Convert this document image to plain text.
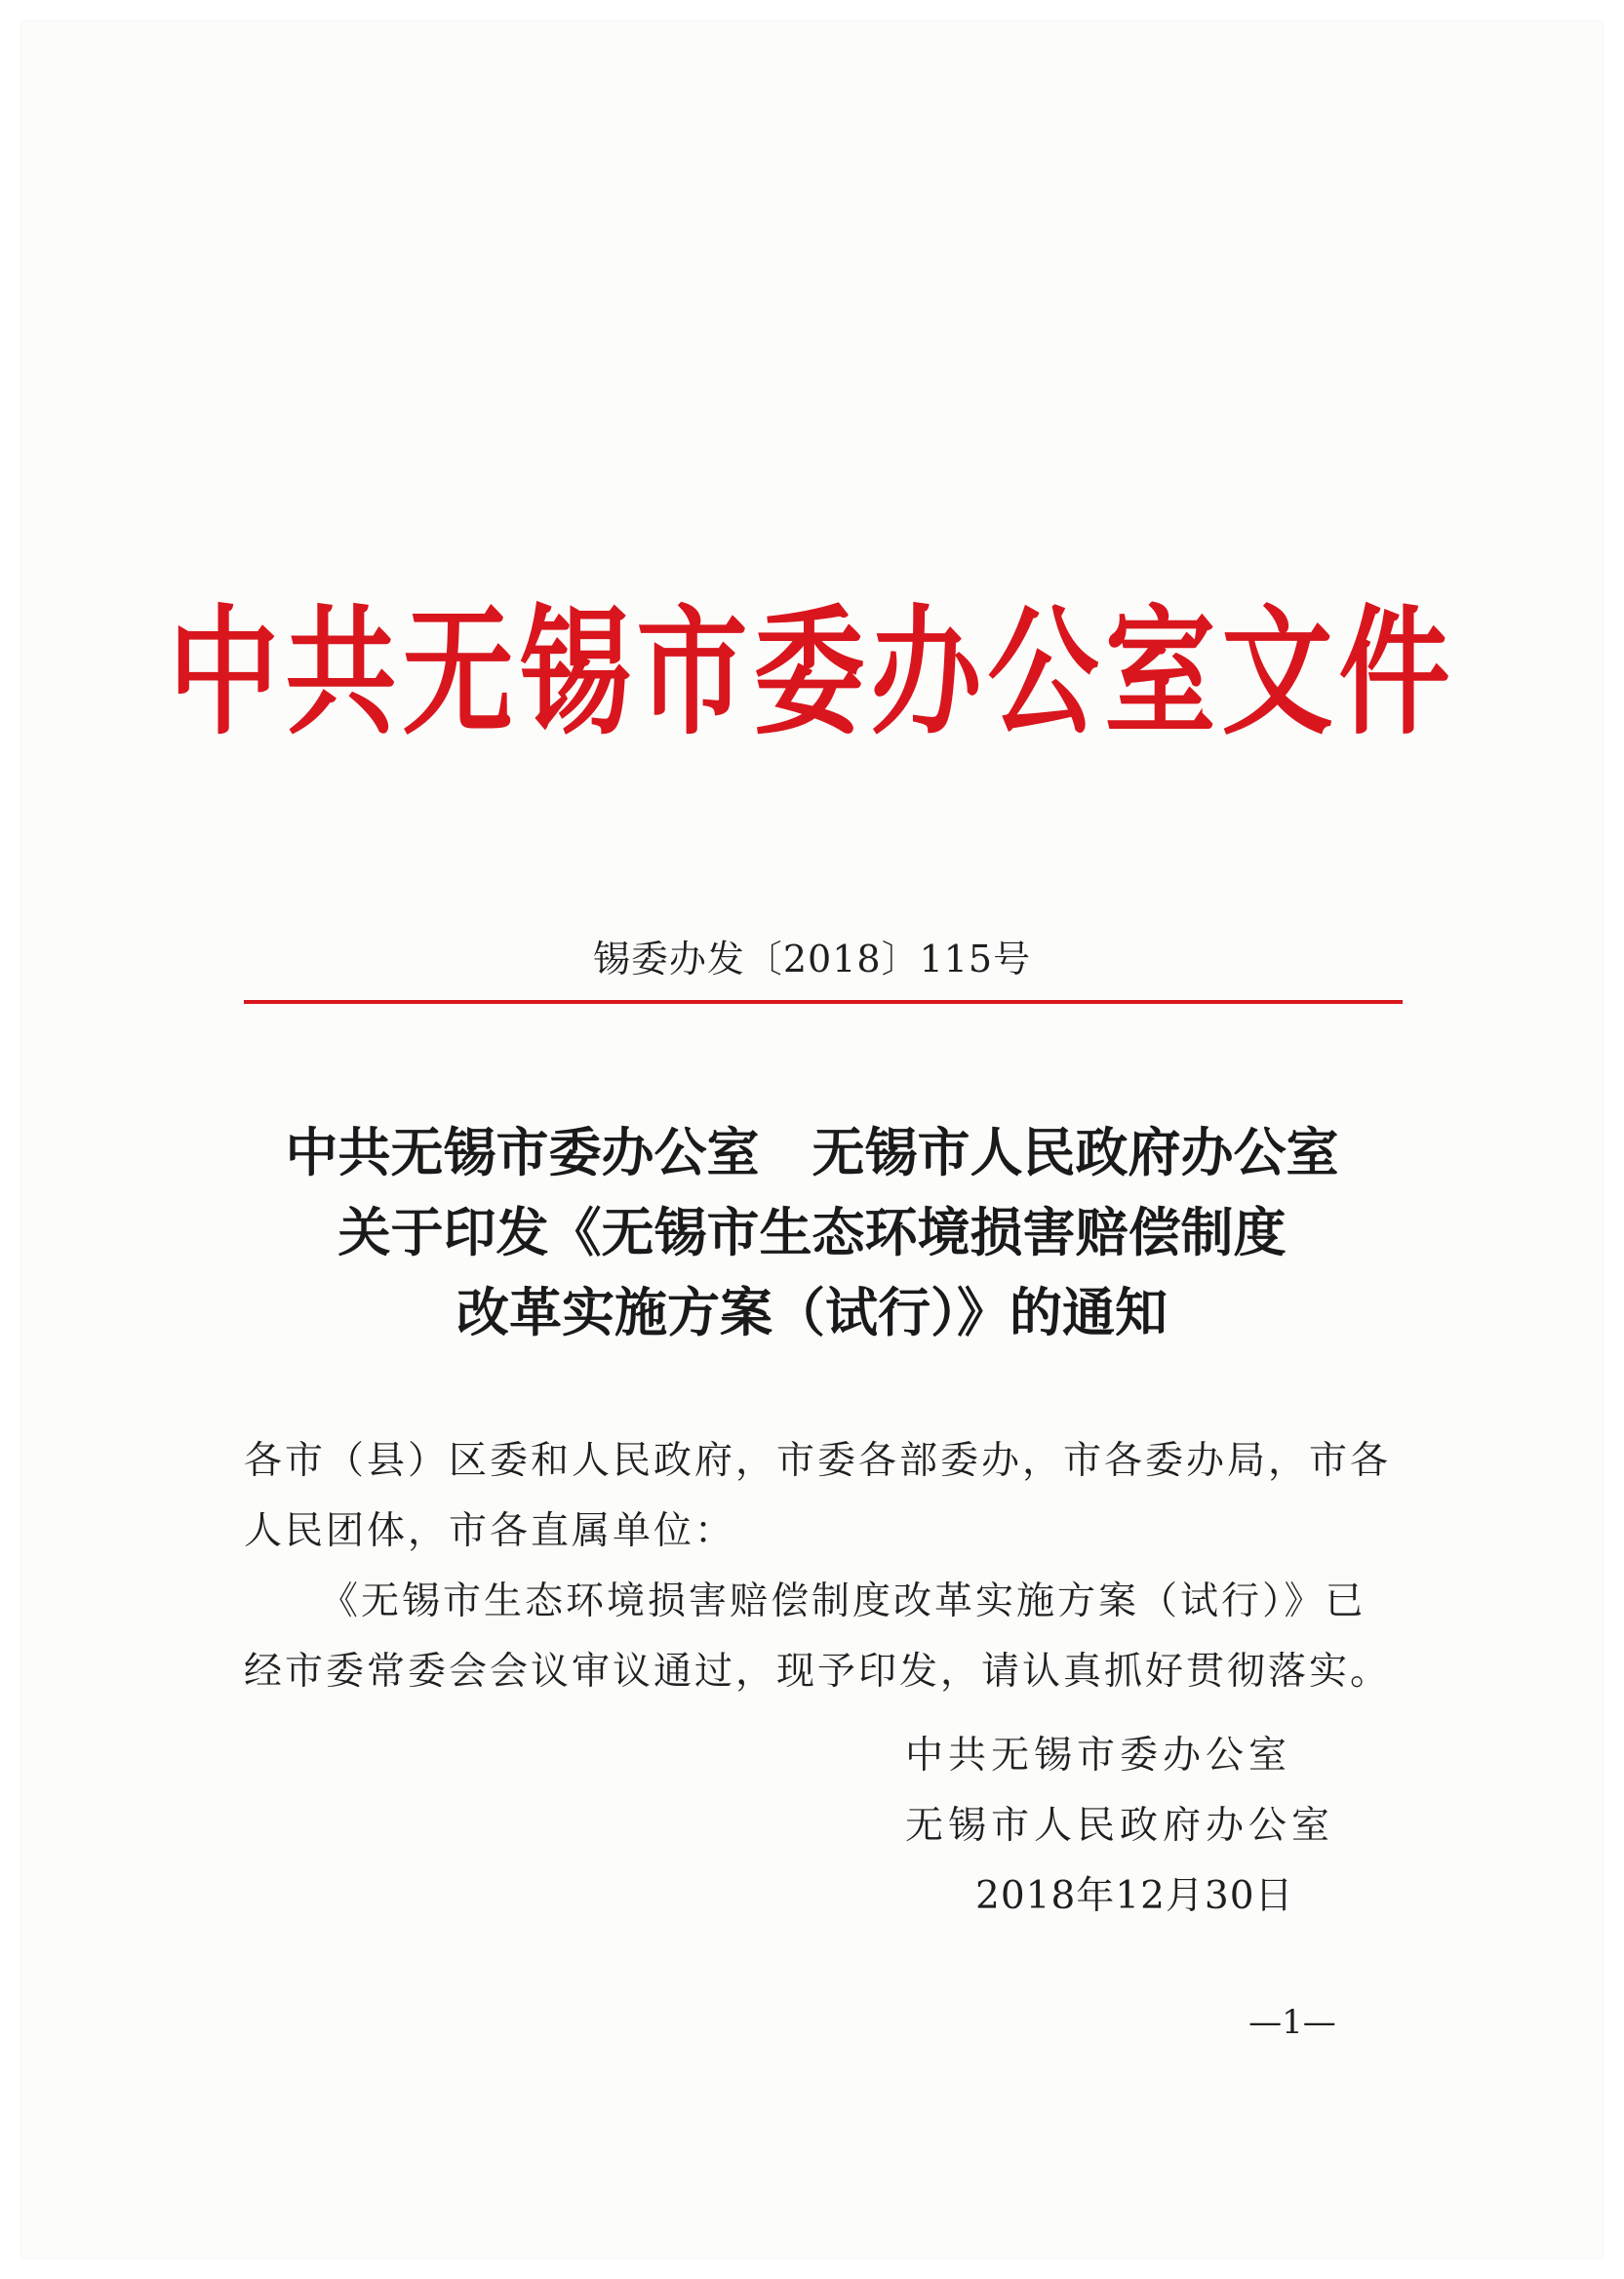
中共无锡市委办公室文件
锡委办发〔2018〕115号
中共无锡市委办公室　无锡市人民政府办公室
关于印发《无锡市生态环境损害赔偿制度
改革实施方案（试行）》的通知

各市（县）区委和人民政府，市委各部委办，市各委办局，市各人民团体，市各直属单位：

《无锡市生态环境损害赔偿制度改革实施方案（试行）》已经市委常委会会议审议通过，现予印发，请认真抓好贯彻落实。

中共无锡市委办公室
无锡市人民政府办公室
2018年12月30日
—1—
